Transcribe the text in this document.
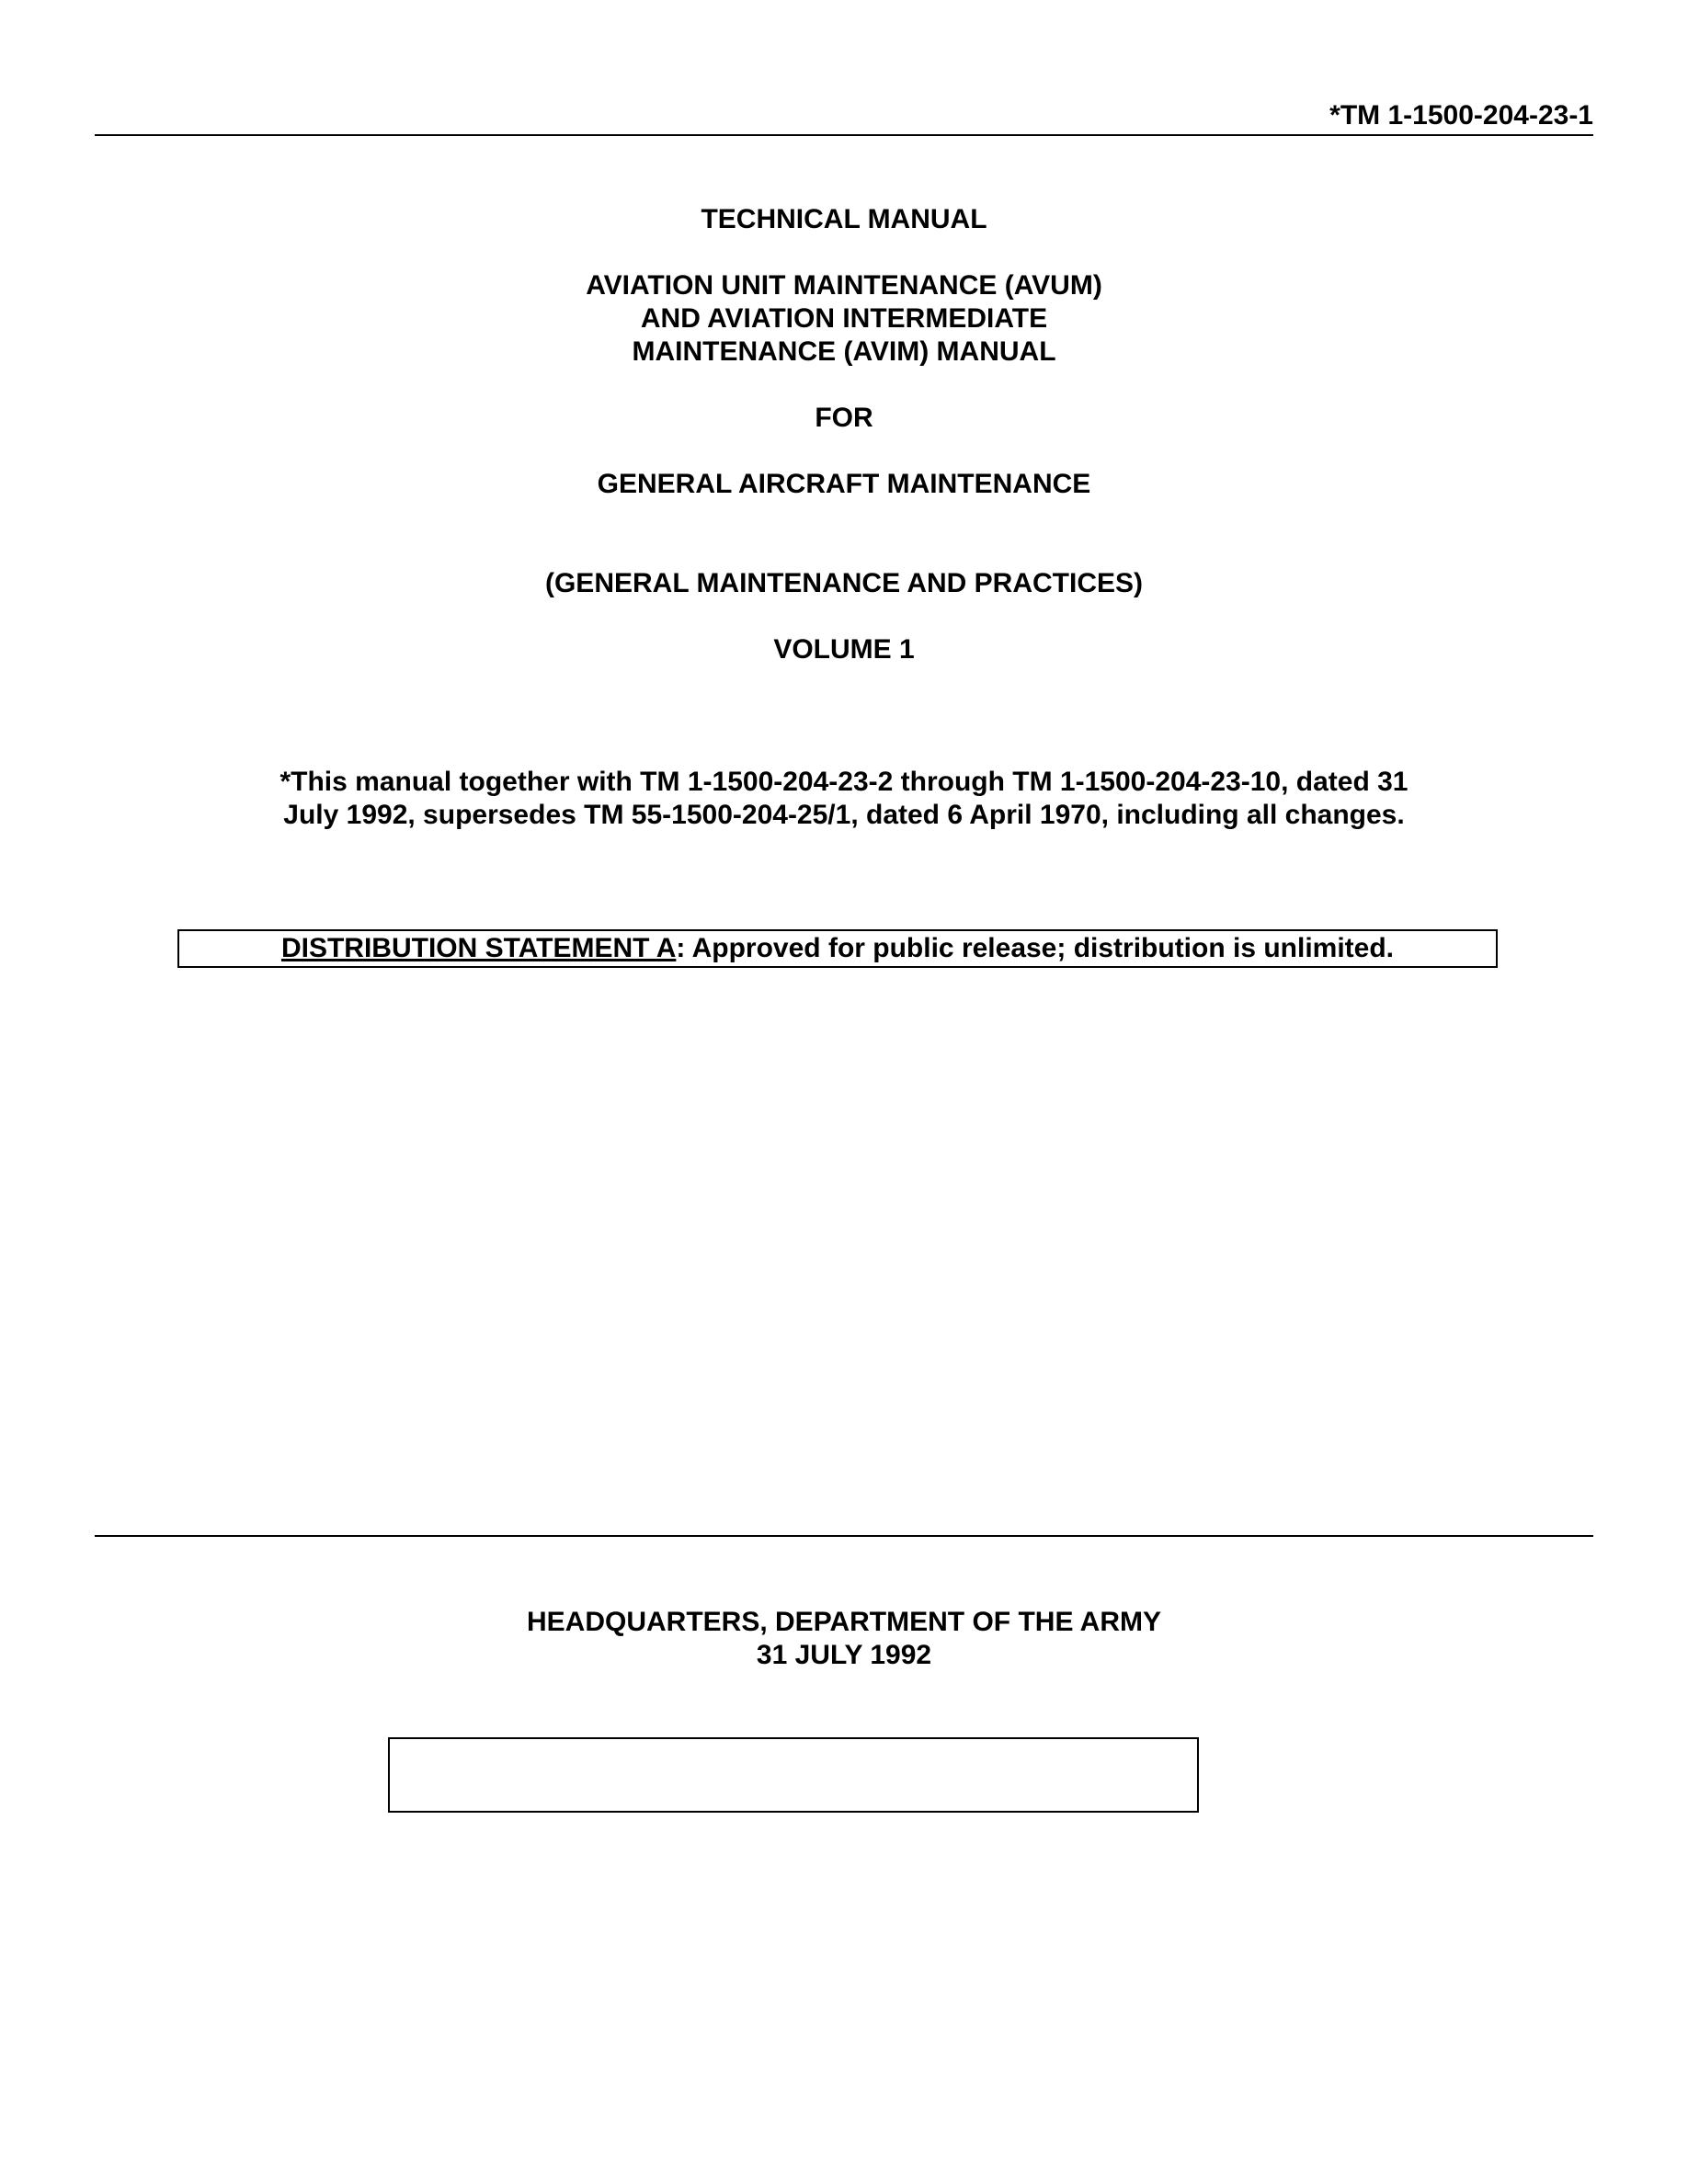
*TM 1-1500-204-23-1
TECHNICAL MANUAL
AVIATION UNIT MAINTENANCE (AVUM)
AND AVIATION INTERMEDIATE
MAINTENANCE (AVIM) MANUAL
FOR
GENERAL AIRCRAFT MAINTENANCE
(GENERAL MAINTENANCE AND PRACTICES)
VOLUME 1
*This manual together with TM 1-1500-204-23-2 through TM 1-1500-204-23-10, dated 31
July 1992, supersedes TM 55-1500-204-25/1, dated 6 April 1970, including all changes.
DISTRIBUTION STATEMENT A: Approved for public release; distribution is unlimited.
HEADQUARTERS, DEPARTMENT OF THE ARMY
31 JULY 1992
